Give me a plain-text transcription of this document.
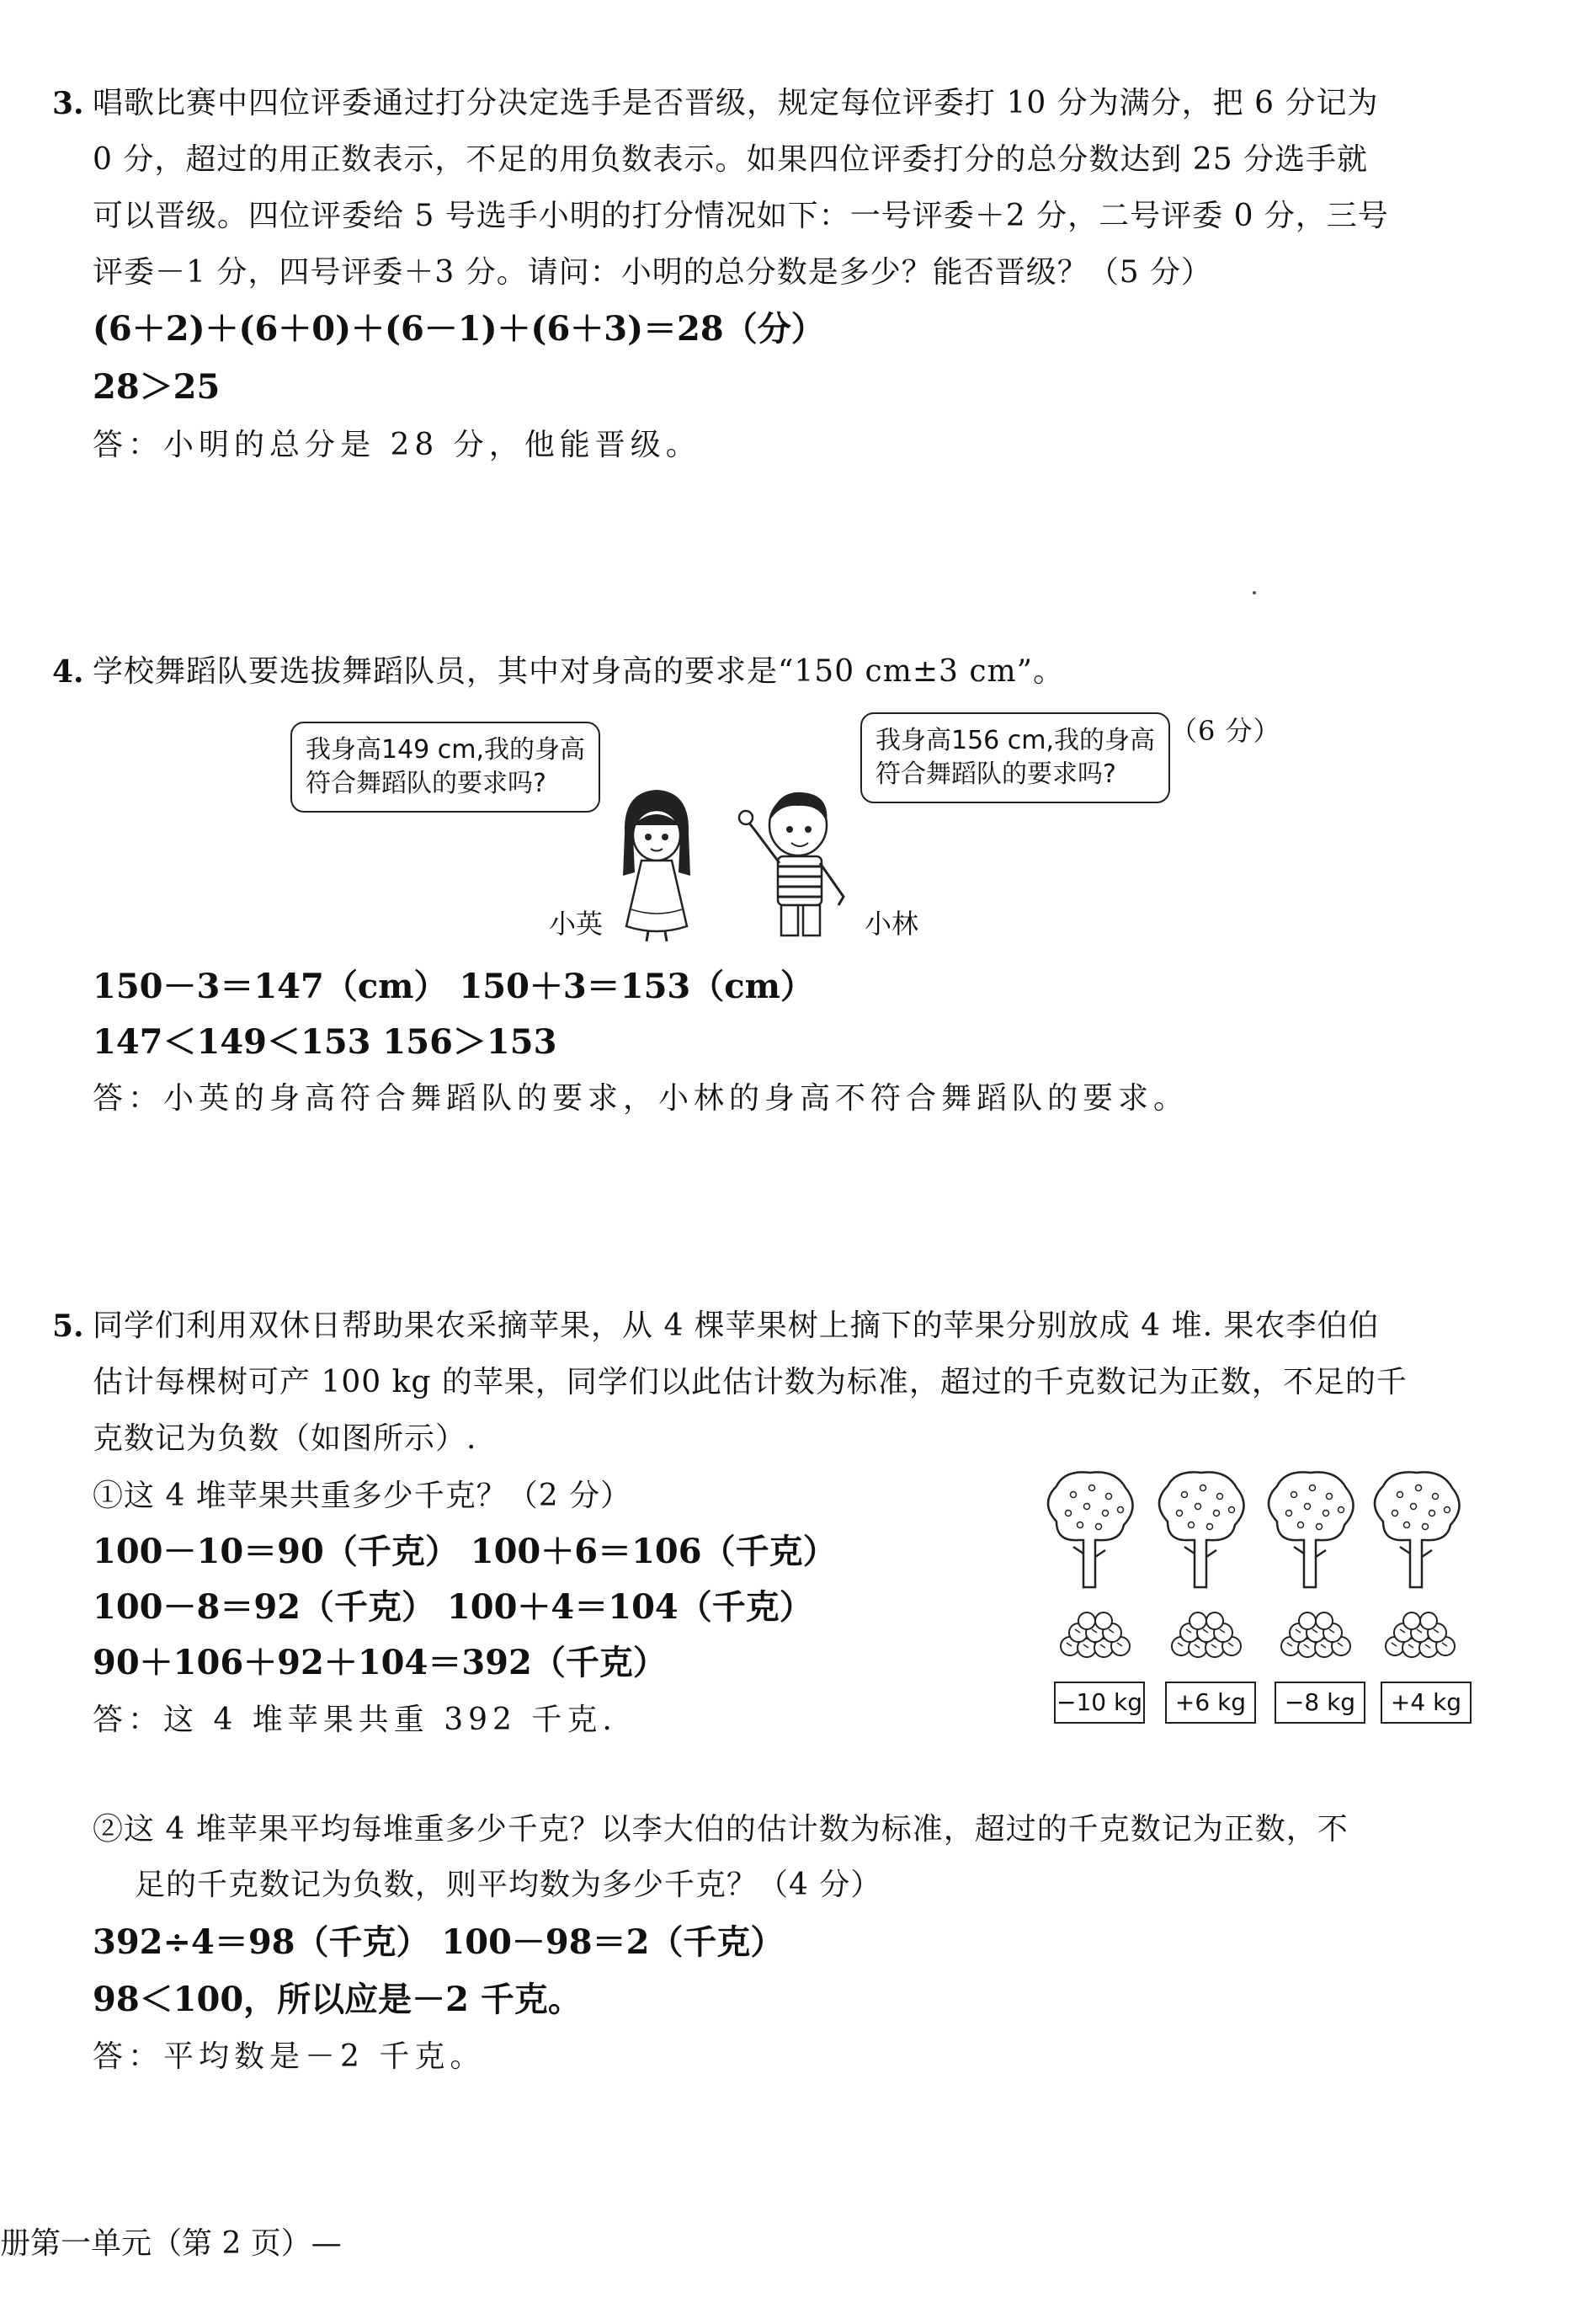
3. 唱歌比赛中四位评委通过打分决定选手是否晋级，规定每位评委打 10 分为满分，把 6 分记为
0 分，超过的用正数表示，不足的用负数表示。如果四位评委打分的总分数达到 25 分选手就
可以晋级。四位评委给 5 号选手小明的打分情况如下：一号评委＋2 分，二号评委 0 分，三号
评委－1 分，四号评委＋3 分。请问：小明的总分数是多少？能否晋级？（5 分）
(6＋2)＋(6＋0)＋(6－1)＋(6＋3)＝28（分）
28＞25
答：小明的总分是 28 分，他能晋级。
4. 学校舞蹈队要选拔舞蹈队员，其中对身高的要求是“150 cm±3 cm”。
我身高149 cm,我的身高
符合舞蹈队的要求吗?
我身高156 cm,我的身高
符合舞蹈队的要求吗?
（6 分）
小英	小林
150－3＝147（cm） 150＋3＝153（cm）
147＜149＜153 156＞153
答：小英的身高符合舞蹈队的要求，小林的身高不符合舞蹈队的要求。
5. 同学们利用双休日帮助果农采摘苹果，从 4 棵苹果树上摘下的苹果分别放成 4 堆. 果农李伯伯
估计每棵树可产 100 kg 的苹果，同学们以此估计数为标准，超过的千克数记为正数，不足的千
克数记为负数（如图所示）.
①这 4 堆苹果共重多少千克？（2 分）
100－10＝90（千克） 100＋6＝106（千克）
100－8＝92（千克） 100＋4＝104（千克）
90＋106＋92＋104＝392（千克）
答：这 4 堆苹果共重 392 千克.
−10 kg	+6 kg	−8 kg	+4 kg
②这 4 堆苹果平均每堆重多少千克？以李大伯的估计数为标准，超过的千克数记为正数，不
足的千克数记为负数，则平均数为多少千克？（4 分）
392÷4＝98（千克） 100－98＝2（千克）
98＜100，所以应是－2 千克。
答：平均数是－2 千克。
册第一单元（第 2 页）—
